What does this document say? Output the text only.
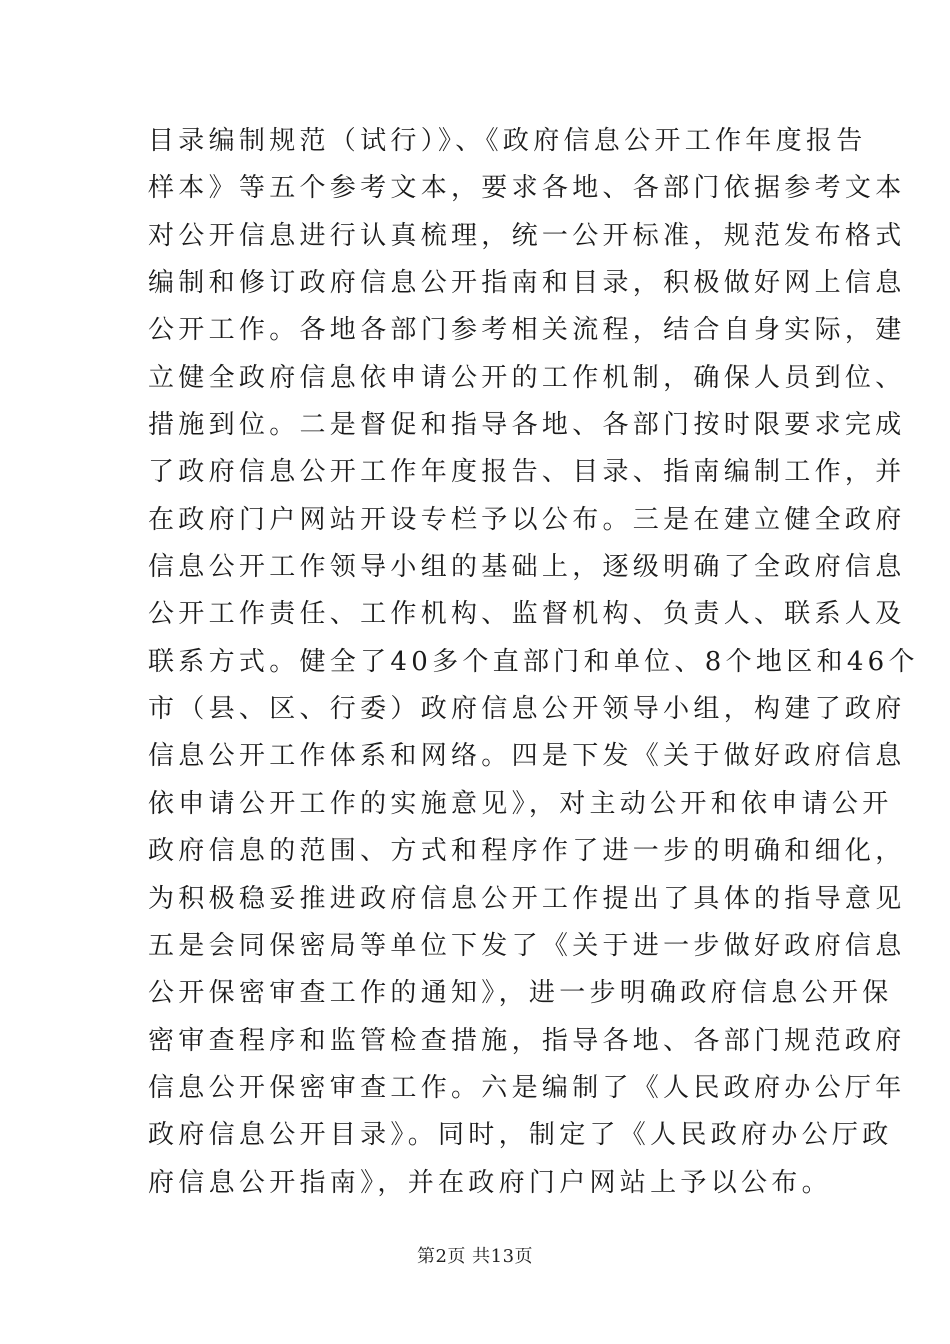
目录编制规范（试行）》、《政府信息公开工作年度报告
样本》等五个参考文本，要求各地、各部门依据参考文本
对公开信息进行认真梳理，统一公开标准，规范发布格式
编制和修订政府信息公开指南和目录，积极做好网上信息
公开工作。各地各部门参考相关流程，结合自身实际，建
立健全政府信息依申请公开的工作机制，确保人员到位、
措施到位。二是督促和指导各地、各部门按时限要求完成
了政府信息公开工作年度报告、目录、指南编制工作，并
在政府门户网站开设专栏予以公布。三是在建立健全政府
信息公开工作领导小组的基础上，逐级明确了全政府信息
公开工作责任、工作机构、监督机构、负责人、联系人及
联系方式。健全了40多个直部门和单位、8个地区和46个
市（县、区、行委）政府信息公开领导小组，构建了政府
信息公开工作体系和网络。四是下发《关于做好政府信息
依申请公开工作的实施意见》，对主动公开和依申请公开
政府信息的范围、方式和程序作了进一步的明确和细化，
为积极稳妥推进政府信息公开工作提出了具体的指导意见
五是会同保密局等单位下发了《关于进一步做好政府信息
公开保密审查工作的通知》，进一步明确政府信息公开保
密审查程序和监管检查措施，指导各地、各部门规范政府
信息公开保密审查工作。六是编制了《人民政府办公厅年
政府信息公开目录》。同时，制定了《人民政府办公厅政
府信息公开指南》，并在政府门户网站上予以公布。
第2页 共13页
